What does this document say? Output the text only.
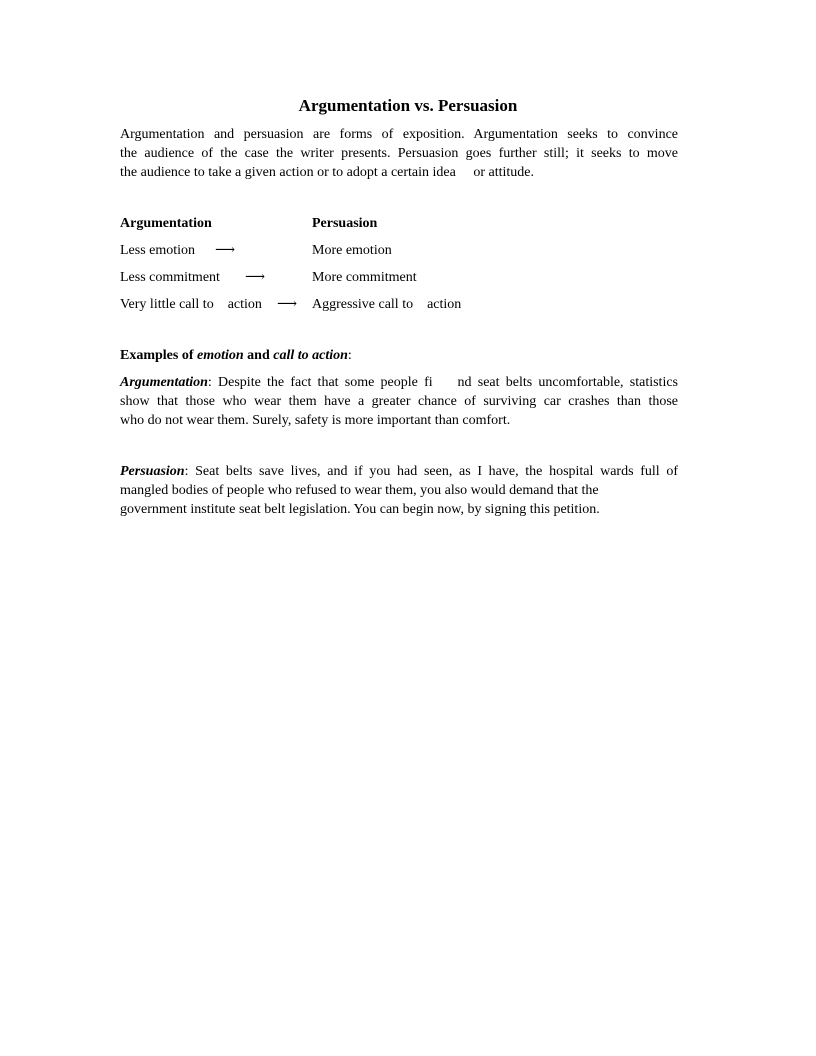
Argumentation vs. Persuasion
Argumentation and persuasion are forms of exposition. Argumentation seeks to convince
the audience of the case the writer presents. Persuasion goes further still; it seeks to move
the audience to take a given action or to adopt a certain idea     or attitude.
Argumentation	Persuasion
Less emotion ⟶	More emotion
Less commitment ⟶	More commitment
Very little call to    action ⟶ Aggressive call to    action
Examples of emotion and call to action:
Argumentation: Despite the fact that some people fi    nd seat belts uncomfortable, statistics
show that those who wear them have a greater chance of surviving car crashes than those
who do not wear them. Surely, safety is more important than comfort.
Persuasion: Seat belts save lives, and if you had seen, as I have, the hospital wards full of
mangled bodies of people who refused to wear them, you also would demand that the
government institute seat belt legislation. You can begin now, by signing this petition.
